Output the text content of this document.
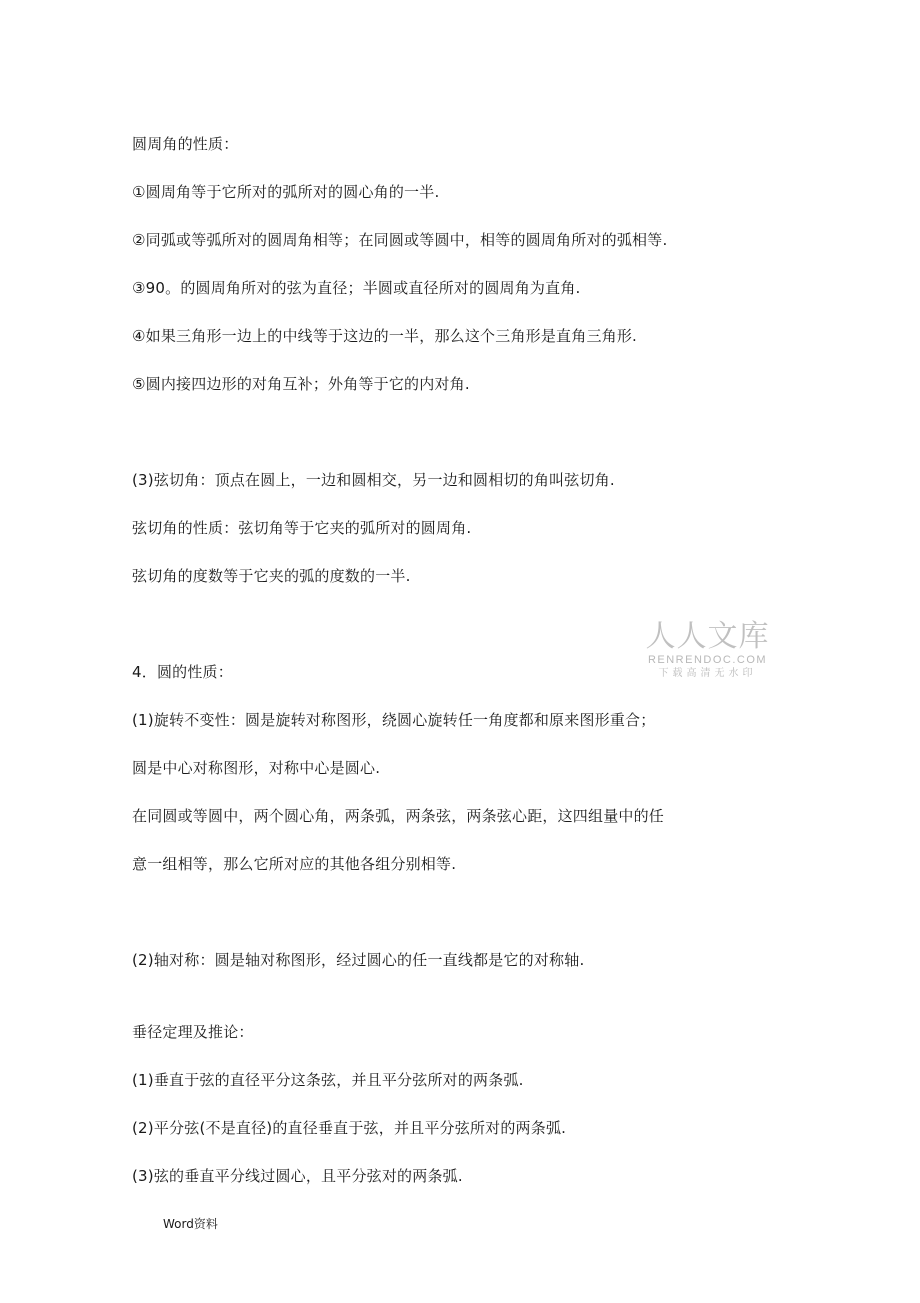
圆周角的性质：
①圆周角等于它所对的弧所对的圆心角的一半.
②同弧或等弧所对的圆周角相等；在同圆或等圆中，相等的圆周角所对的弧相等.
③90。的圆周角所对的弦为直径；半圆或直径所对的圆周角为直角.
④如果三角形一边上的中线等于这边的一半，那么这个三角形是直角三角形.
⑤圆内接四边形的对角互补；外角等于它的内对角.
(3)弦切角：顶点在圆上，一边和圆相交，另一边和圆相切的角叫弦切角.
弦切角的性质：弦切角等于它夹的弧所对的圆周角.
弦切角的度数等于它夹的弧的度数的一半.
4．圆的性质：
(1)旋转不变性：圆是旋转对称图形，绕圆心旋转任一角度都和原来图形重合；
圆是中心对称图形，对称中心是圆心.
在同圆或等圆中，两个圆心角，两条弧，两条弦，两条弦心距，这四组量中的任
意一组相等，那么它所对应的其他各组分别相等.
(2)轴对称：圆是轴对称图形，经过圆心的任一直线都是它的对称轴.
垂径定理及推论：
(1)垂直于弦的直径平分这条弦，并且平分弦所对的两条弧.
(2)平分弦(不是直径)的直径垂直于弦，并且平分弦所对的两条弧.
(3)弦的垂直平分线过圆心，且平分弦对的两条弧.
Word资料
人人文库
RENRENDOC.COM
下载高清无水印
